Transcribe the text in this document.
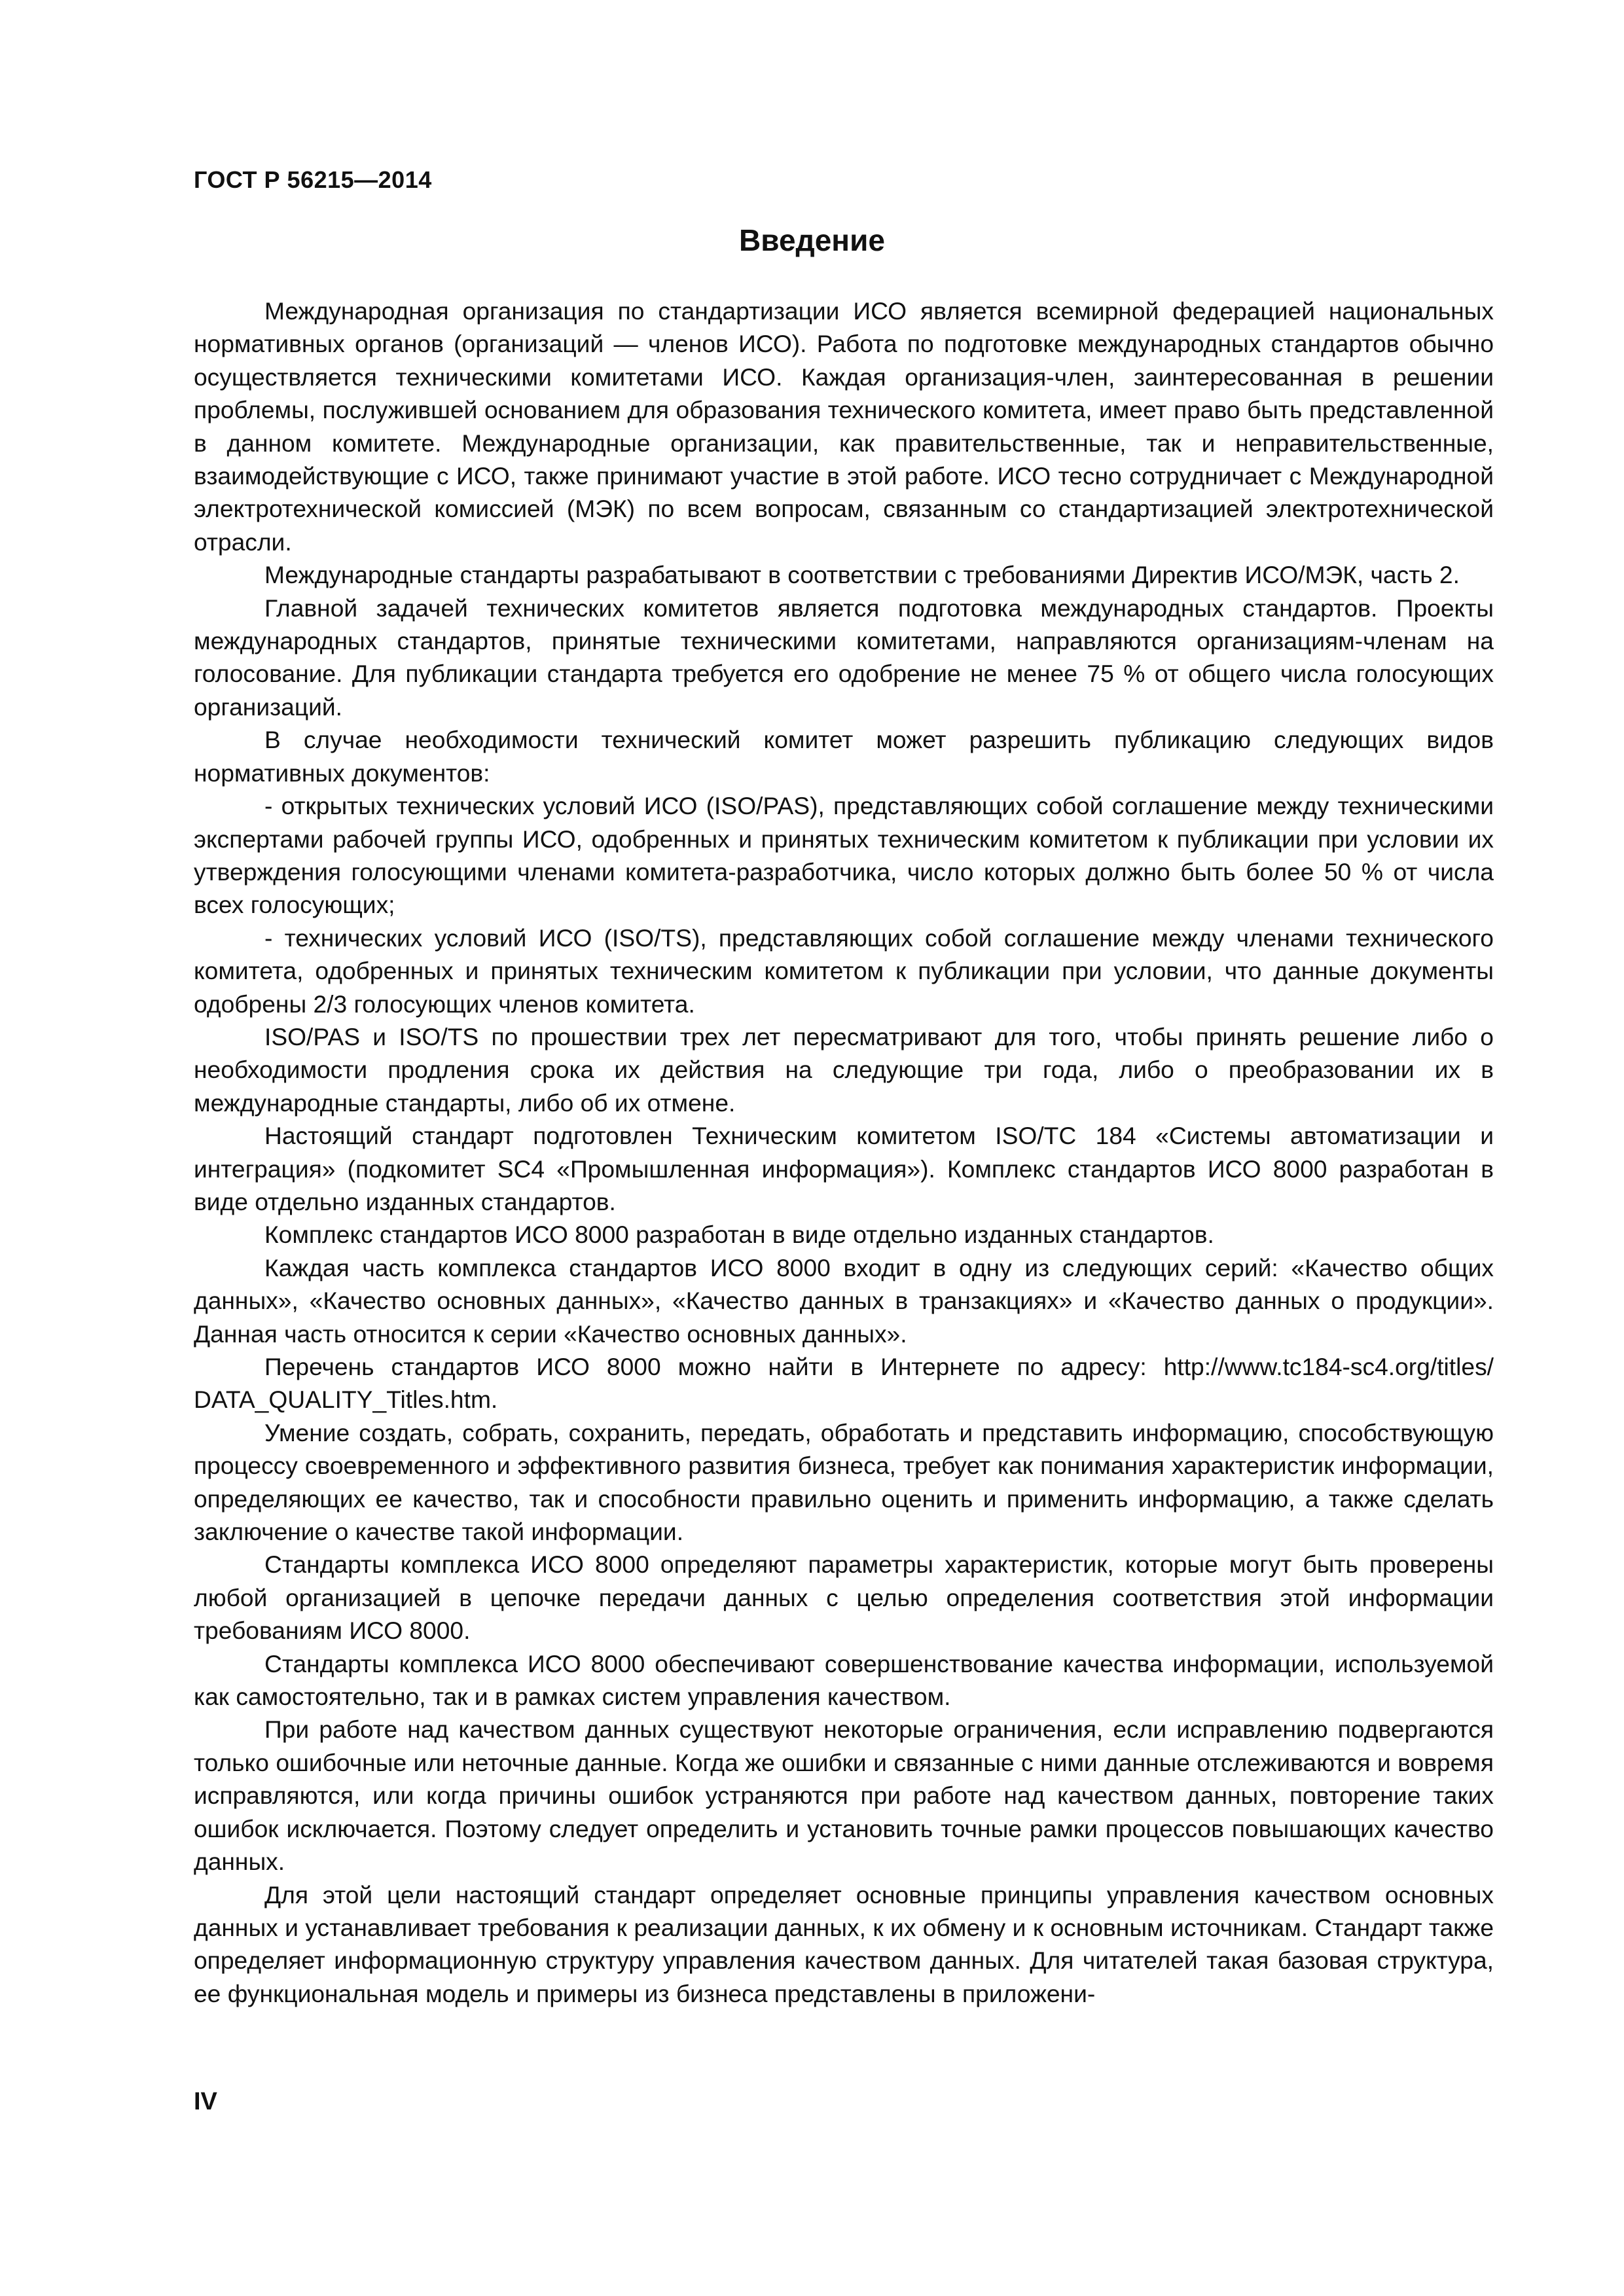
ГОСТ Р 56215—2014
Введение

Международная организация по стандартизации ИСО является всемирной федерацией национальных нормативных органов (организаций — членов ИСО). Работа по подготовке международных стандартов обычно осуществляется техническими комитетами ИСО. Каждая организация-член, заинтересованная в решении проблемы, послужившей основанием для образования технического комитета, имеет право быть представленной в данном комитете. Международные организации, как правительственные, так и неправительственные, взаимодействующие с ИСО, также принимают участие в этой работе. ИСО тесно сотрудничает с Международной электротехнической комиссией (МЭК) по всем вопросам, связанным со стандартизацией электротехнической отрасли.

Международные стандарты разрабатывают в соответствии с требованиями Директив ИСО/МЭК, часть 2.

Главной задачей технических комитетов является подготовка международных стандартов. Проекты международных стандартов, принятые техническими комитетами, направляются организациям-членам на голосование. Для публикации стандарта требуется его одобрение не менее 75 % от общего числа голосующих организаций.

В случае необходимости технический комитет может разрешить публикацию следующих видов нормативных документов:

- открытых технических условий ИСО (ISO/PAS), представляющих собой соглашение между техническими экспертами рабочей группы ИСО, одобренных и принятых техническим комитетом к публикации при условии их утверждения голосующими членами комитета-разработчика, число которых должно быть более 50 % от числа всех голосующих;

- технических условий ИСО (ISO/TS), представляющих собой соглашение между членами технического комитета, одобренных и принятых техническим комитетом к публикации при условии, что данные документы одобрены 2/3 голосующих членов комитета.

ISO/PAS и ISO/TS по прошествии трех лет пересматривают для того, чтобы принять решение либо о необходимости продления срока их действия на следующие три года, либо о преобразовании их в международные стандарты, либо об их отмене.

Настоящий стандарт подготовлен Техническим комитетом ISO/TC 184 «Системы автоматизации и интеграция» (подкомитет SC4 «Промышленная информация»). Комплекс стандартов ИСО 8000 разработан в виде отдельно изданных стандартов.

Комплекс стандартов ИСО 8000 разработан в виде отдельно изданных стандартов.

Каждая часть комплекса стандартов ИСО 8000 входит в одну из следующих серий: «Качество общих данных», «Качество основных данных», «Качество данных в транзакциях» и «Качество данных о продукции». Данная часть относится к серии «Качество основных данных».

Перечень стандартов ИСО 8000 можно найти в Интернете по адресу: http://www.tc184-sc4.org/titles/ DATA_QUALITY_Titles.htm.

Умение создать, собрать, сохранить, передать, обработать и представить информацию, способствующую процессу своевременного и эффективного развития бизнеса, требует как понимания характеристик информации, определяющих ее качество, так и способности правильно оценить и применить информацию, а также сделать заключение о качестве такой информации.

Стандарты комплекса ИСО 8000 определяют параметры характеристик, которые могут быть проверены любой организацией в цепочке передачи данных с целью определения соответствия этой информации требованиям ИСО 8000.

Стандарты комплекса ИСО 8000 обеспечивают совершенствование качества информации, используемой как самостоятельно, так и в рамках систем управления качеством.

При работе над качеством данных существуют некоторые ограничения, если исправлению подвергаются только ошибочные или неточные данные. Когда же ошибки и связанные с ними данные отслеживаются и вовремя исправляются, или когда причины ошибок устраняются при работе над качеством данных, повторение таких ошибок исключается. Поэтому следует определить и установить точные рамки процессов повышающих качество данных.

Для этой цели настоящий стандарт определяет основные принципы управления качеством основных данных и устанавливает требования к реализации данных, к их обмену и к основным источникам. Стандарт также определяет информационную структуру управления качеством данных. Для читателей такая базовая структура, ее функциональная модель и примеры из бизнеса представлены в приложени-

IV
